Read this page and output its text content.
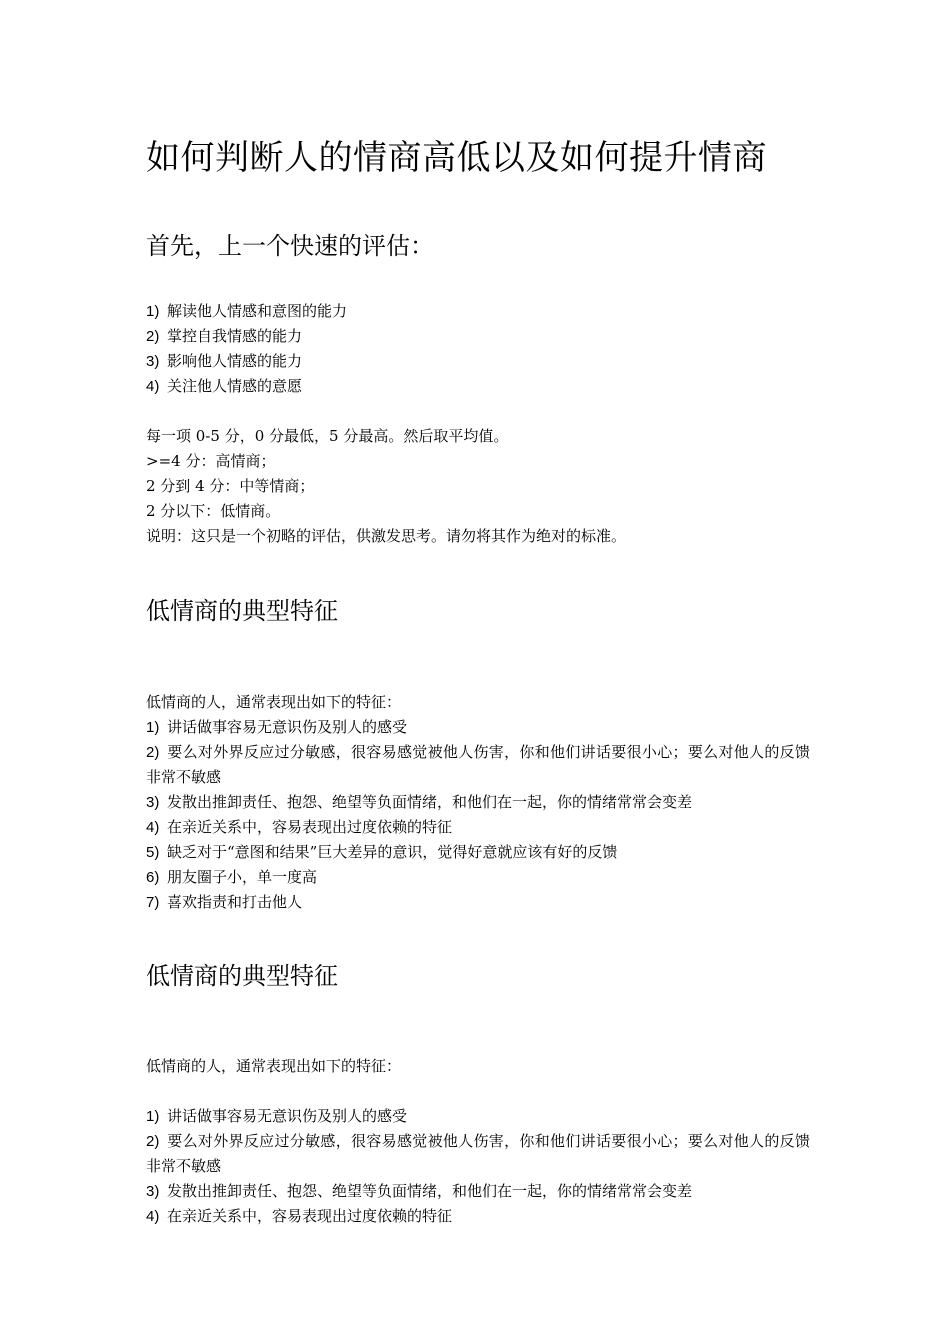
如何判断人的情商高低以及如何提升情商
首先，上一个快速的评估：
1) 解读他人情感和意图的能力
2) 掌控自我情感的能力
3) 影响他人情感的能力
4) 关注他人情感的意愿
每一项 0-5 分，0 分最低，5 分最高。然后取平均值。
>=4 分：高情商；
2 分到 4 分：中等情商；
2 分以下：低情商。
说明：这只是一个初略的评估，供激发思考。请勿将其作为绝对的标准。
低情商的典型特征
低情商的人，通常表现出如下的特征：
1) 讲话做事容易无意识伤及别人的感受
2) 要么对外界反应过分敏感，很容易感觉被他人伤害，你和他们讲话要很小心；要么对他人的反馈非常不敏感
3) 发散出推卸责任、抱怨、绝望等负面情绪，和他们在一起，你的情绪常常会变差
4) 在亲近关系中，容易表现出过度依赖的特征
5) 缺乏对于“意图和结果”巨大差异的意识，觉得好意就应该有好的反馈
6) 朋友圈子小，单一度高
7) 喜欢指责和打击他人
低情商的典型特征
低情商的人，通常表现出如下的特征：
1) 讲话做事容易无意识伤及别人的感受
2) 要么对外界反应过分敏感，很容易感觉被他人伤害，你和他们讲话要很小心；要么对他人的反馈非常不敏感
3) 发散出推卸责任、抱怨、绝望等负面情绪，和他们在一起，你的情绪常常会变差
4) 在亲近关系中，容易表现出过度依赖的特征
